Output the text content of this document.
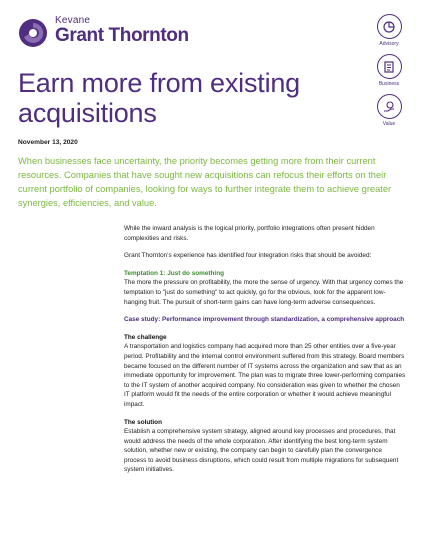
Kevane
Grant Thornton	Advisory
Business
Value
Earn more from existing
acquisitions
November 13, 2020

When businesses face uncertainty, the priority becomes getting more from their current resources. Companies that have sought new acquisitions can refocus their efforts on their current portfolio of companies, looking for ways to further integrate them to achieve greater synergies, efficiencies, and value.

While the inward analysis is the logical priority, portfolio integrations often present hidden complexities and risks.

Grant Thornton's experience has identified four integration risks that should be avoided:

Temptation 1: Just do something

The more the pressure on profitability, the more the sense of urgency. With that urgency comes the temptation to "just do something" to act quickly, go for the obvious, look for the apparent low-hanging fruit. The pursuit of short-term gains can have long-term adverse consequences.

Case study: Performance improvement through standardization, a comprehensive approach

The challenge

A transportation and logistics company had acquired more than 25 other entities over a five-year period. Profitability and the internal control environment suffered from this strategy. Board members became focused on the different number of IT systems across the organization and saw that as an immediate opportunity for improvement. The plan was to migrate three lower-performing companies to the IT system of another acquired company. No consideration was given to whether the chosen IT platform would fit the needs of the entire corporation or whether it would achieve meaningful impact.

The solution

Establish a comprehensive system strategy, aligned around key processes and procedures, that would address the needs of the whole corporation. After identifying the best long-term system solution, whether new or existing, the company can begin to carefully plan the convergence process to avoid business disruptions, which could result from multiple migrations for subsequent system initiatives.
